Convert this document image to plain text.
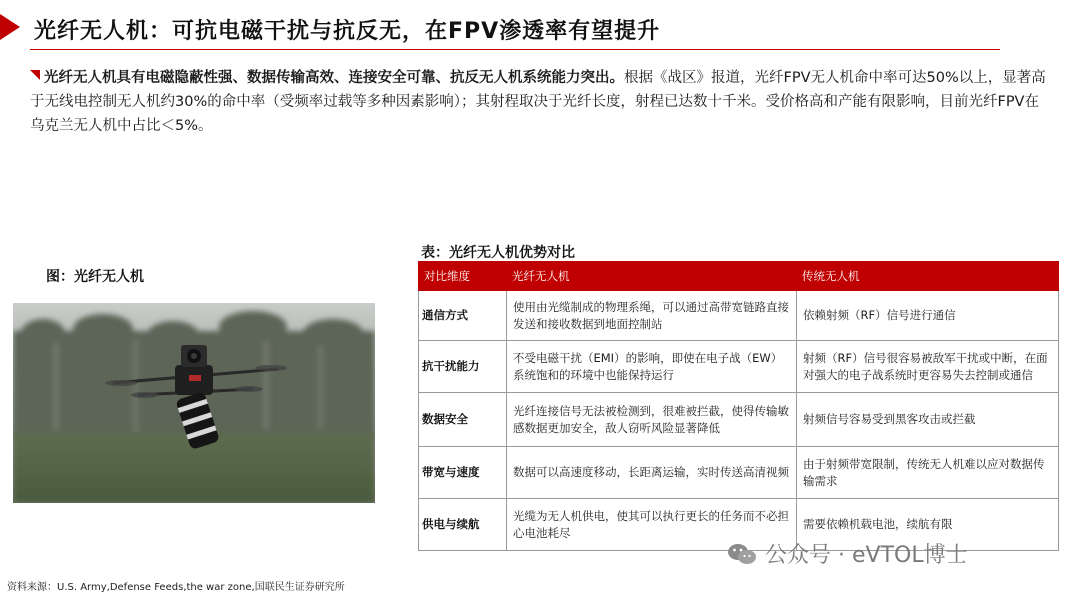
光纤无人机：可抗电磁干扰与抗反无，在FPV渗透率有望提升
光纤无人机具有电磁隐蔽性强、数据传输高效、连接安全可靠、抗反无人机系统能力突出。根据《战区》报道，光纤FPV无人机命中率可达50%以上，显著高于无线电控制无人机约30%的命中率（受频率过载等多种因素影响）；其射程取决于光纤长度，射程已达数十千米。受价格高和产能有限影响，目前光纤FPV在乌克兰无人机中占比＜5%。
图：光纤无人机
表：光纤无人机优势对比
对比维度	光纤无人机	传统无人机
通信方式	使用由光缆制成的物理系绳，可以通过高带宽链路直接发送和接收数据到地面控制站	依赖射频（RF）信号进行通信
抗干扰能力	不受电磁干扰（EMI）的影响，即使在电子战（EW）系统饱和的环境中也能保持运行	射频（RF）信号很容易被敌军干扰或中断，在面对强大的电子战系统时更容易失去控制或通信
数据安全	光纤连接信号无法被检测到，很难被拦截，使得传输敏感数据更加安全，敌人窃听风险显著降低	射频信号容易受到黑客攻击或拦截
带宽与速度	数据可以高速度移动，长距离运输，实时传送高清视频	由于射频带宽限制，传统无人机难以应对数据传输需求
供电与续航	光缆为无人机供电，使其可以执行更长的任务而不必担心电池耗尽	需要依赖机载电池，续航有限
公众号 · eVTOL博士
资料来源：U.S. Army,Defense Feeds,the war zone,国联民生证券研究所
